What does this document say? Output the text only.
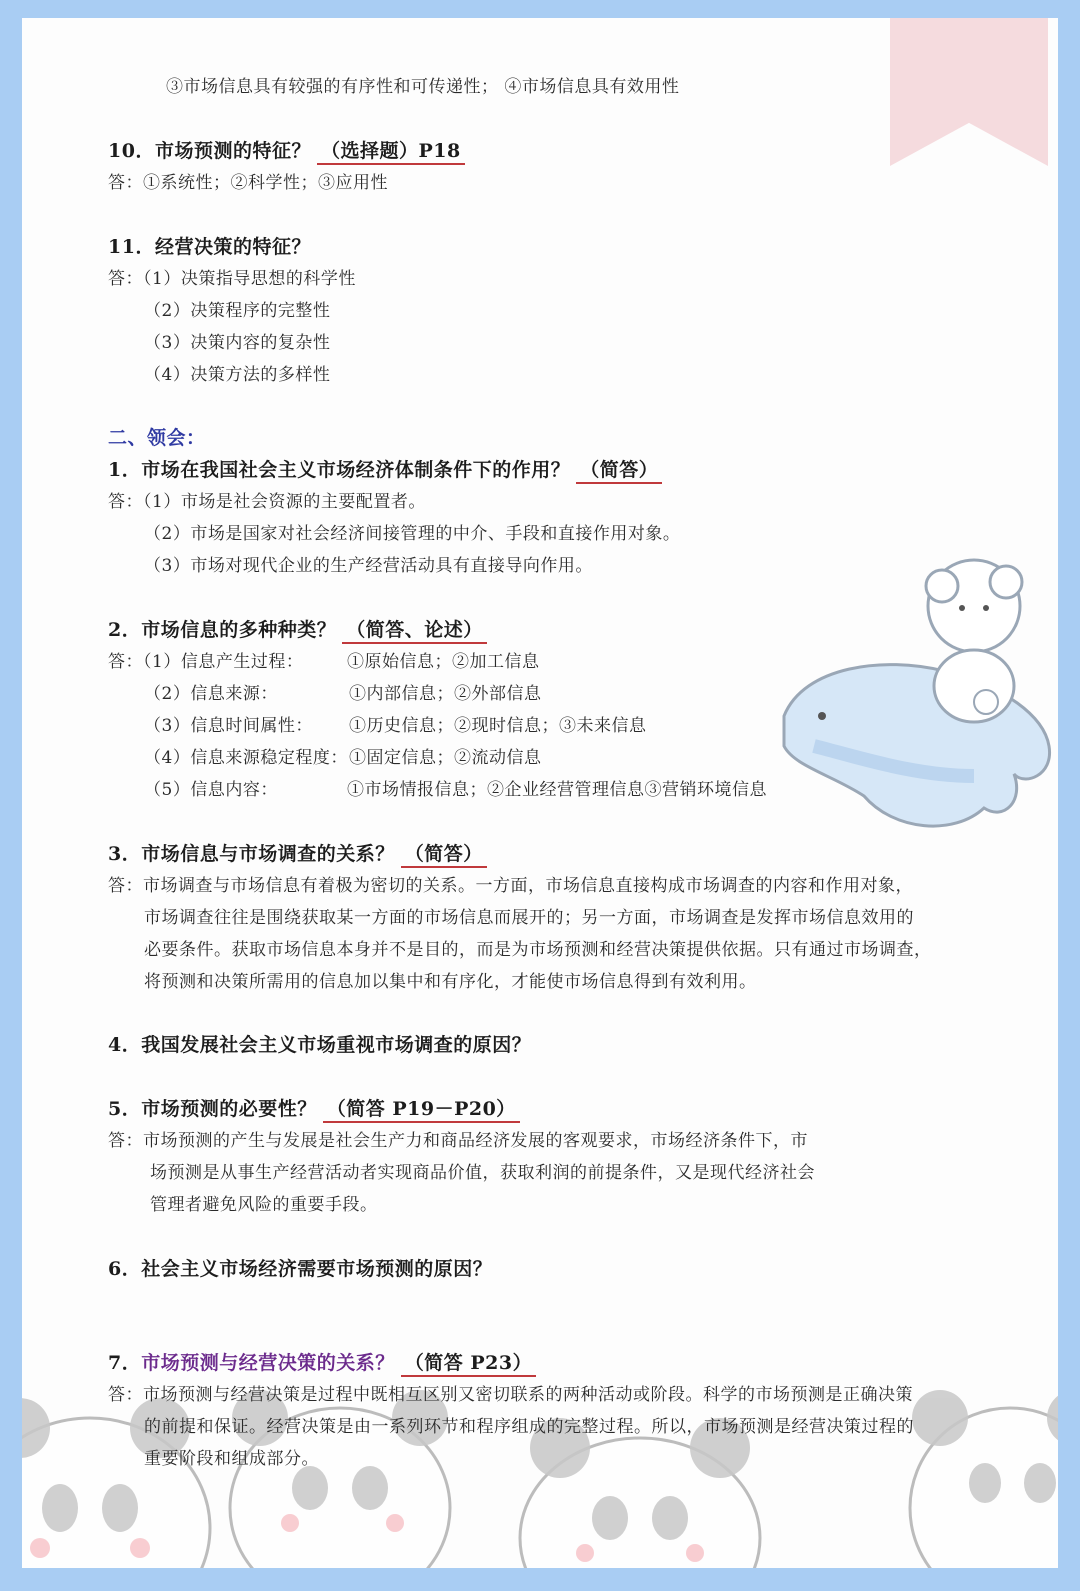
③市场信息具有较强的有序性和可传递性； ④市场信息具有效用性
10．市场预测的特征？ （选择题）P18
答：①系统性；②科学性；③应用性
11．经营决策的特征？
答：（1）决策指导思想的科学性
（2）决策程序的完整性
（3）决策内容的复杂性
（4）决策方法的多样性
二、领会：
1．市场在我国社会主义市场经济体制条件下的作用？ （简答）
答：（1）市场是社会资源的主要配置者。
（2）市场是国家对社会经济间接管理的中介、手段和直接作用对象。
（3）市场对现代企业的生产经营活动具有直接导向作用。
2．市场信息的多种种类？ （简答、论述）
答：（1）信息产生过程：	①原始信息；②加工信息
（2）信息来源：	①内部信息；②外部信息
（3）信息时间属性： ①历史信息；②现时信息；③未来信息
（4）信息来源稳定程度： ①固定信息；②流动信息
（5）信息内容：	①市场情报信息；②企业经营管理信息③营销环境信息
3．市场信息与市场调查的关系？ （简答）
答：市场调查与市场信息有着极为密切的关系。一方面，市场信息直接构成市场调查的内容和作用对象，
市场调查往往是围绕获取某一方面的市场信息而展开的；另一方面，市场调查是发挥市场信息效用的
必要条件。获取市场信息本身并不是目的，而是为市场预测和经营决策提供依据。只有通过市场调查，
将预测和决策所需用的信息加以集中和有序化，才能使市场信息得到有效利用。
4．我国发展社会主义市场重视市场调查的原因？
5．市场预测的必要性？ （简答 P19－P20）
答：市场预测的产生与发展是社会生产力和商品经济发展的客观要求，市场经济条件下，市
场预测是从事生产经营活动者实现商品价值，获取利润的前提条件，又是现代经济社会
管理者避免风险的重要手段。
6．社会主义市场经济需要市场预测的原因？
7．市场预测与经营决策的关系？ （简答 P23）
答：市场预测与经营决策是过程中既相互区别又密切联系的两种活动或阶段。科学的市场预测是正确决策
的前提和保证。经营决策是由一系列环节和程序组成的完整过程。所以，市场预测是经营决策过程的
重要阶段和组成部分。
